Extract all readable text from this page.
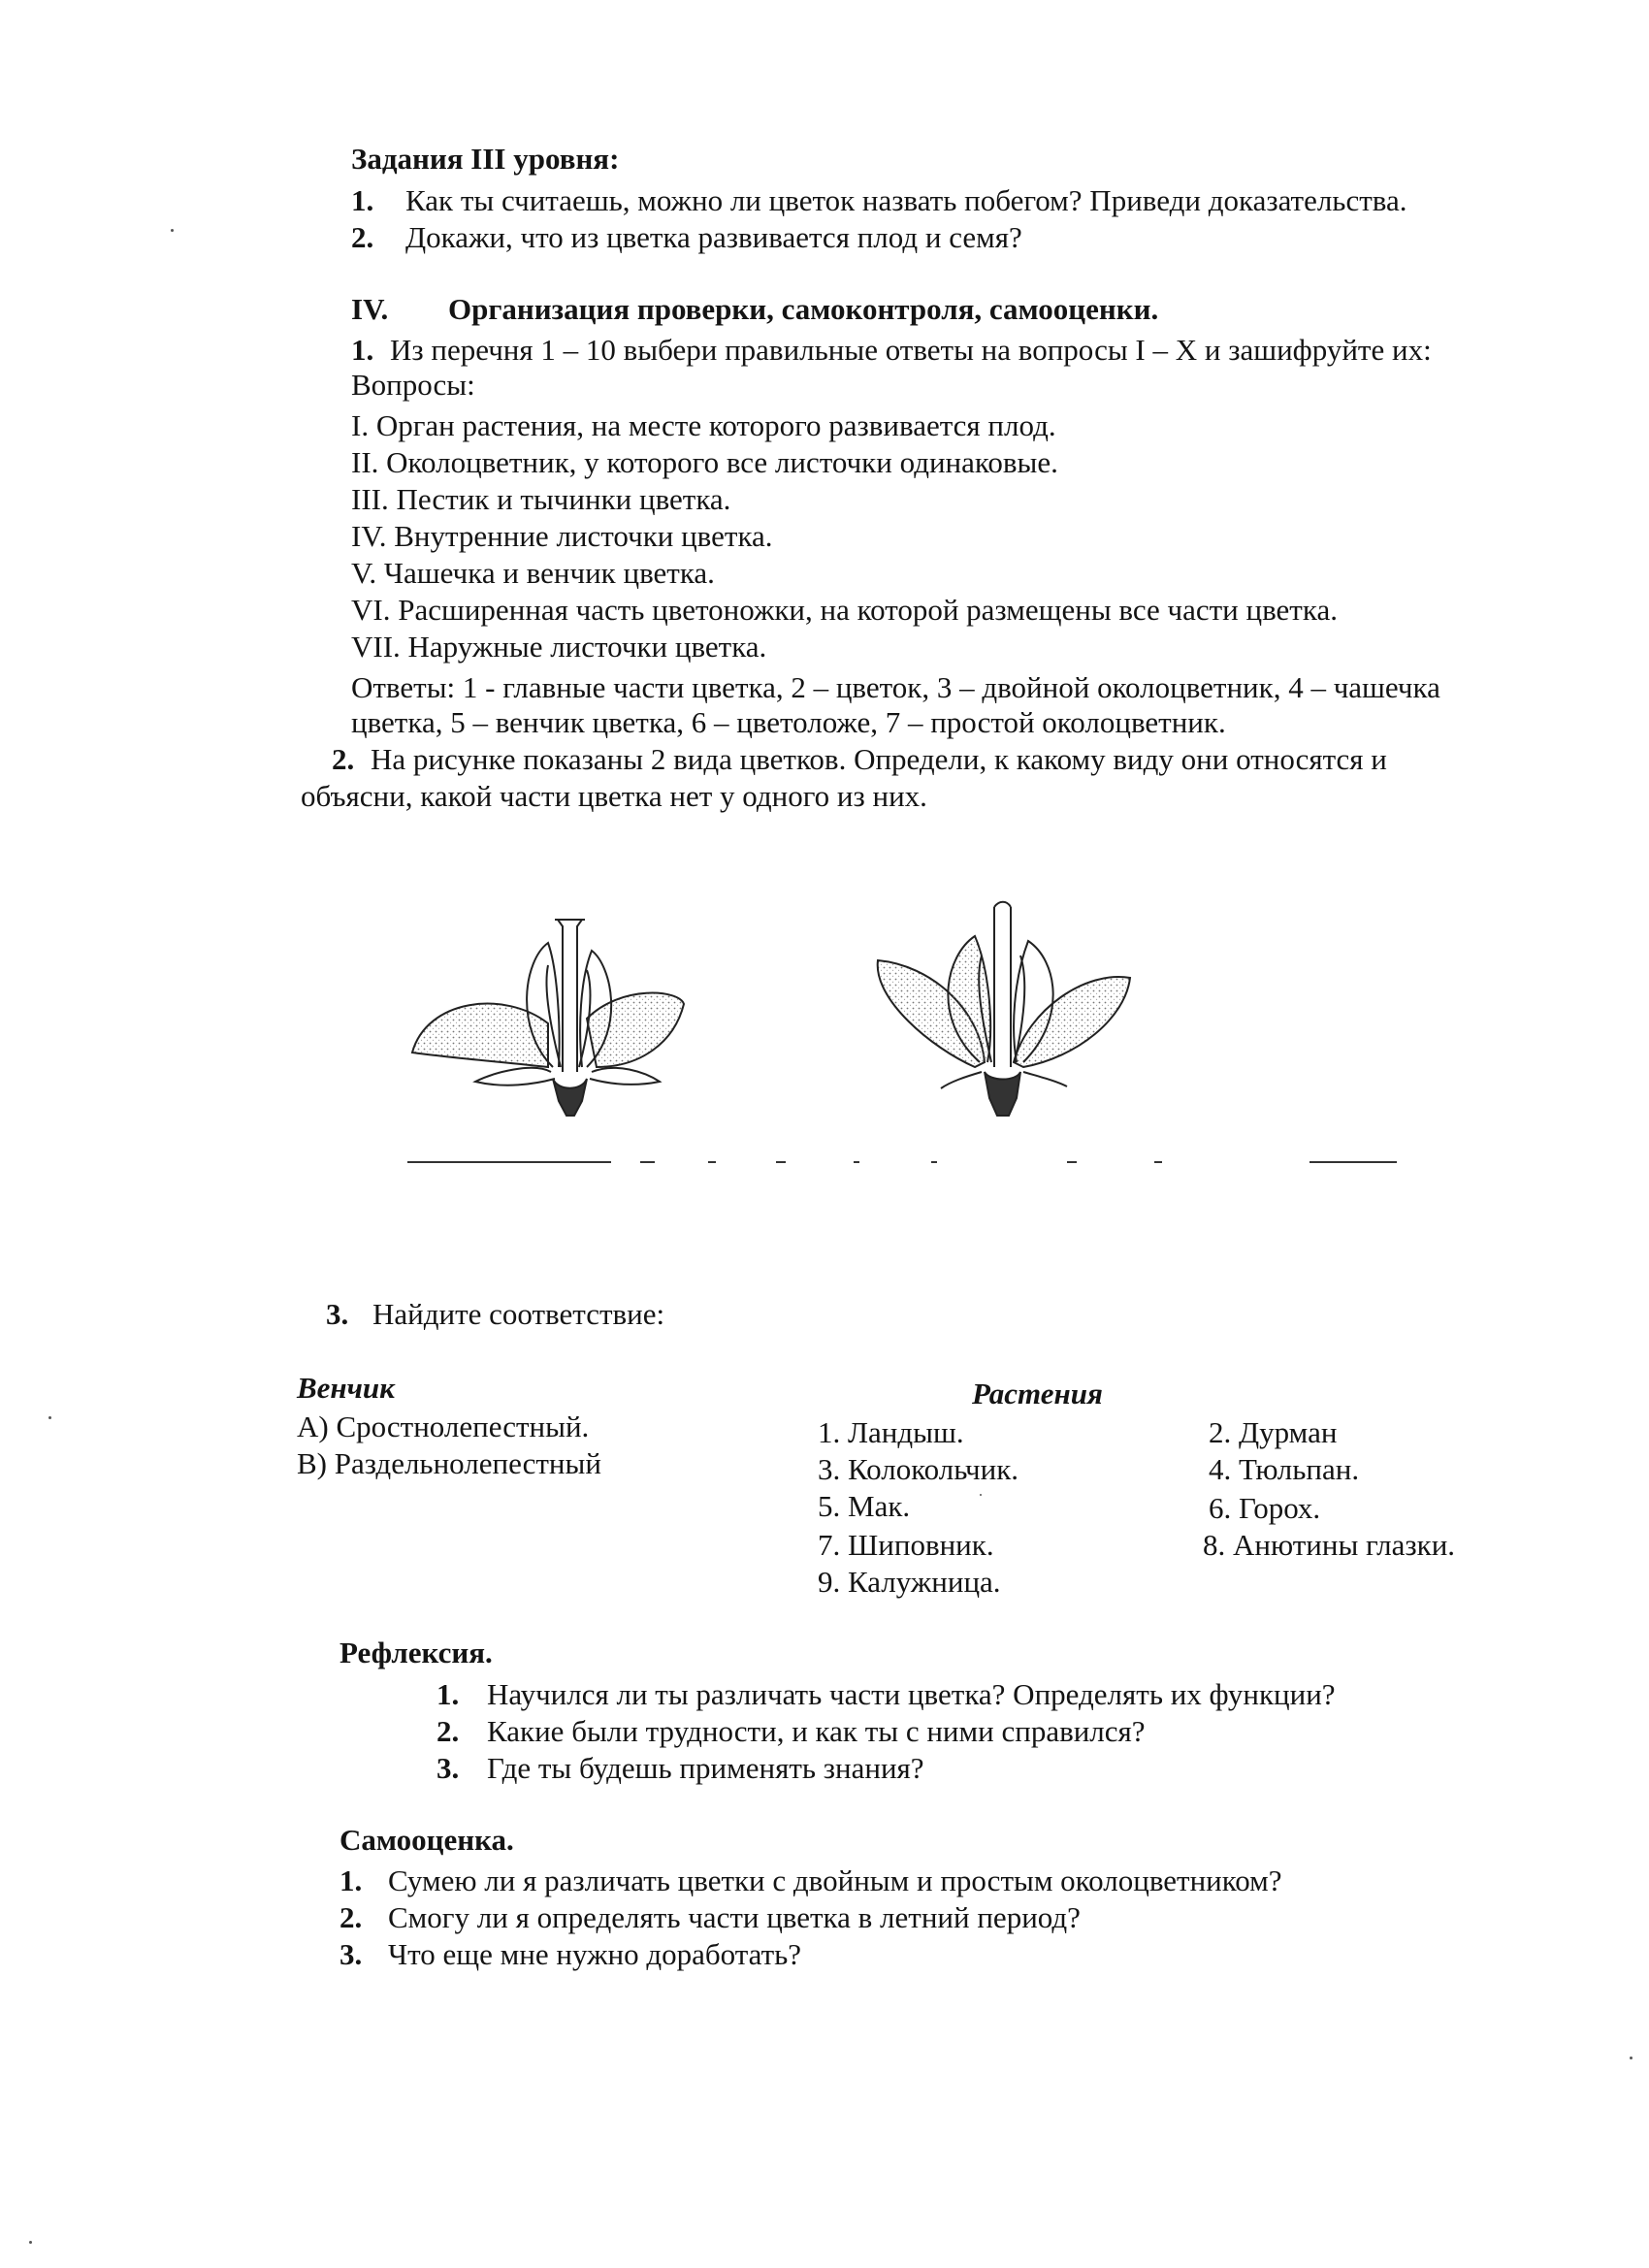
Задания III уровня:
1. Как ты считаешь, можно ли цветок назвать побегом? Приведи доказательства.
2. Докажи, что из цветка развивается плод и семя?
IV. Организация проверки, самоконтроля, самооценки.
1. Из перечня 1 – 10 выбери правильные ответы на вопросы I – X и зашифруйте их:
Вопросы:
I. Орган растения, на месте которого развивается плод.
II. Околоцветник, у которого все листочки одинаковые.
III. Пестик и тычинки цветка.
IV. Внутренние листочки цветка.
V. Чашечка и венчик цветка.
VI. Расширенная часть цветоножки, на которой размещены все части цветка.
VII. Наружные листочки цветка.
Ответы: 1 - главные части цветка, 2 – цветок, 3 – двойной околоцветник, 4 – чашечка
цветка, 5 – венчик цветка, 6 – цветоложе, 7 – простой околоцветник.
2. На рисунке показаны 2 вида цветков. Определи, к какому виду они относятся и
объясни, какой части цветка нет у одного из них.
3. Найдите соответствие:
Венчик
А) Сростнолепестный.
В) Раздельнолепестный
Растения
1. Ландыш.
3. Колокольчик.
5. Мак.
7. Шиповник.
9. Калужница.
2. Дурман
4. Тюльпан.
6. Горох.
8. Анютины глазки.
Рефлексия.
1. Научился ли ты различать части цветка? Определять их функции?
2. Какие были трудности, и как ты с ними справился?
3. Где ты будешь применять знания?
Самооценка.
1. Сумею ли я различать цветки с двойным и простым околоцветником?
2. Смогу ли я определять части цветка в летний период?
3. Что еще мне нужно доработать?
